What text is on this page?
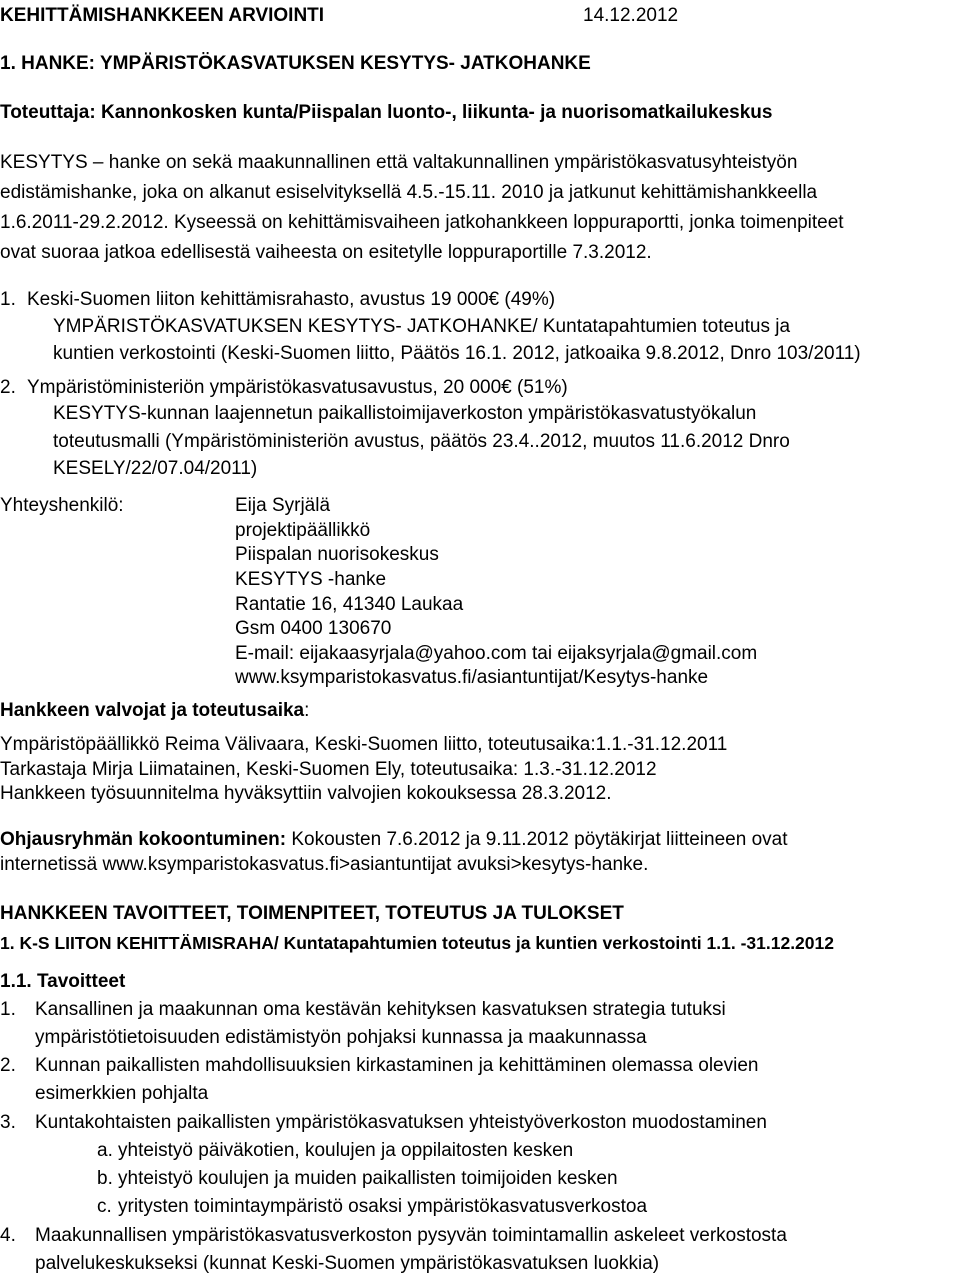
KEHITTÄMISHANKKEEN ARVIOINTI	14.12.2012
1. HANKE: YMPÄRISTÖKASVATUKSEN KESYTYS- JATKOHANKE
Toteuttaja: Kannonkosken kunta/Piispalan luonto-, liikunta- ja nuorisomatkailukeskus
KESYTYS – hanke on sekä maakunnallinen että valtakunnallinen ympäristökasvatusyhteistyön
edistämishanke, joka on alkanut esiselvityksellä 4.5.-15.11. 2010 ja jatkunut kehittämishankkeella
1.6.2011-29.2.2012. Kyseessä on kehittämisvaiheen jatkohankkeen loppuraportti, jonka toimenpiteet
ovat suoraa jatkoa edellisestä vaiheesta on esitetylle loppuraportille 7.3.2012.
1. Keski-Suomen liiton kehittämisrahasto, avustus 19 000€ (49%)
YMPÄRISTÖKASVATUKSEN KESYTYS- JATKOHANKE/ Kuntatapahtumien toteutus ja
kuntien verkostointi (Keski-Suomen liitto, Päätös 16.1. 2012, jatkoaika 9.8.2012, Dnro 103/2011)
2. Ympäristöministeriön ympäristökasvatusavustus, 20 000€ (51%)
KESYTYS-kunnan laajennetun paikallistoimijaverkoston ympäristökasvatustyökalun
toteutusmalli (Ympäristöministeriön avustus, päätös 23.4..2012, muutos 11.6.2012 Dnro
KESELY/22/07.04/2011)
Yhteyshenkilö:	Eija Syrjälä
projektipäällikkö
Piispalan nuorisokeskus
KESYTYS -hanke
Rantatie 16, 41340 Laukaa
Gsm 0400 130670
E-mail: eijakaasyrjala@yahoo.com tai eijaksyrjala@gmail.com
www.ksymparistokasvatus.fi/asiantuntijat/Kesytys-hanke
Hankkeen valvojat ja toteutusaika:
Ympäristöpäällikkö Reima Välivaara, Keski-Suomen liitto, toteutusaika:1.1.-31.12.2011
Tarkastaja Mirja Liimatainen, Keski-Suomen Ely, toteutusaika: 1.3.-31.12.2012
Hankkeen työsuunnitelma hyväksyttiin valvojien kokouksessa 28.3.2012.
Ohjausryhmän kokoontuminen: Kokousten 7.6.2012 ja 9.11.2012 pöytäkirjat liitteineen ovat
internetissä www.ksymparistokasvatus.fi>asiantuntijat avuksi>kesytys-hanke.
HANKKEEN TAVOITTEET, TOIMENPITEET, TOTEUTUS JA TULOKSET
1. K-S LIITON KEHITTÄMISRAHA/ Kuntatapahtumien toteutus ja kuntien verkostointi 1.1. -31.12.2012
1.1. Tavoitteet
1. Kansallinen ja maakunnan oma kestävän kehityksen kasvatuksen strategia tutuksi
ympäristötietoisuuden edistämistyön pohjaksi kunnassa ja maakunnassa
2. Kunnan paikallisten mahdollisuuksien kirkastaminen ja kehittäminen olemassa olevien
esimerkkien pohjalta
3. Kuntakohtaisten paikallisten ympäristökasvatuksen yhteistyöverkoston muodostaminen
a. yhteistyö päiväkotien, koulujen ja oppilaitosten kesken
b. yhteistyö koulujen ja muiden paikallisten toimijoiden kesken
c. yritysten toimintaympäristö osaksi ympäristökasvatusverkostoa
4. Maakunnallisen ympäristökasvatusverkoston pysyvän toimintamallin askeleet verkostosta
palvelukeskukseksi (kunnat Keski-Suomen ympäristökasvatuksen luokkia)
